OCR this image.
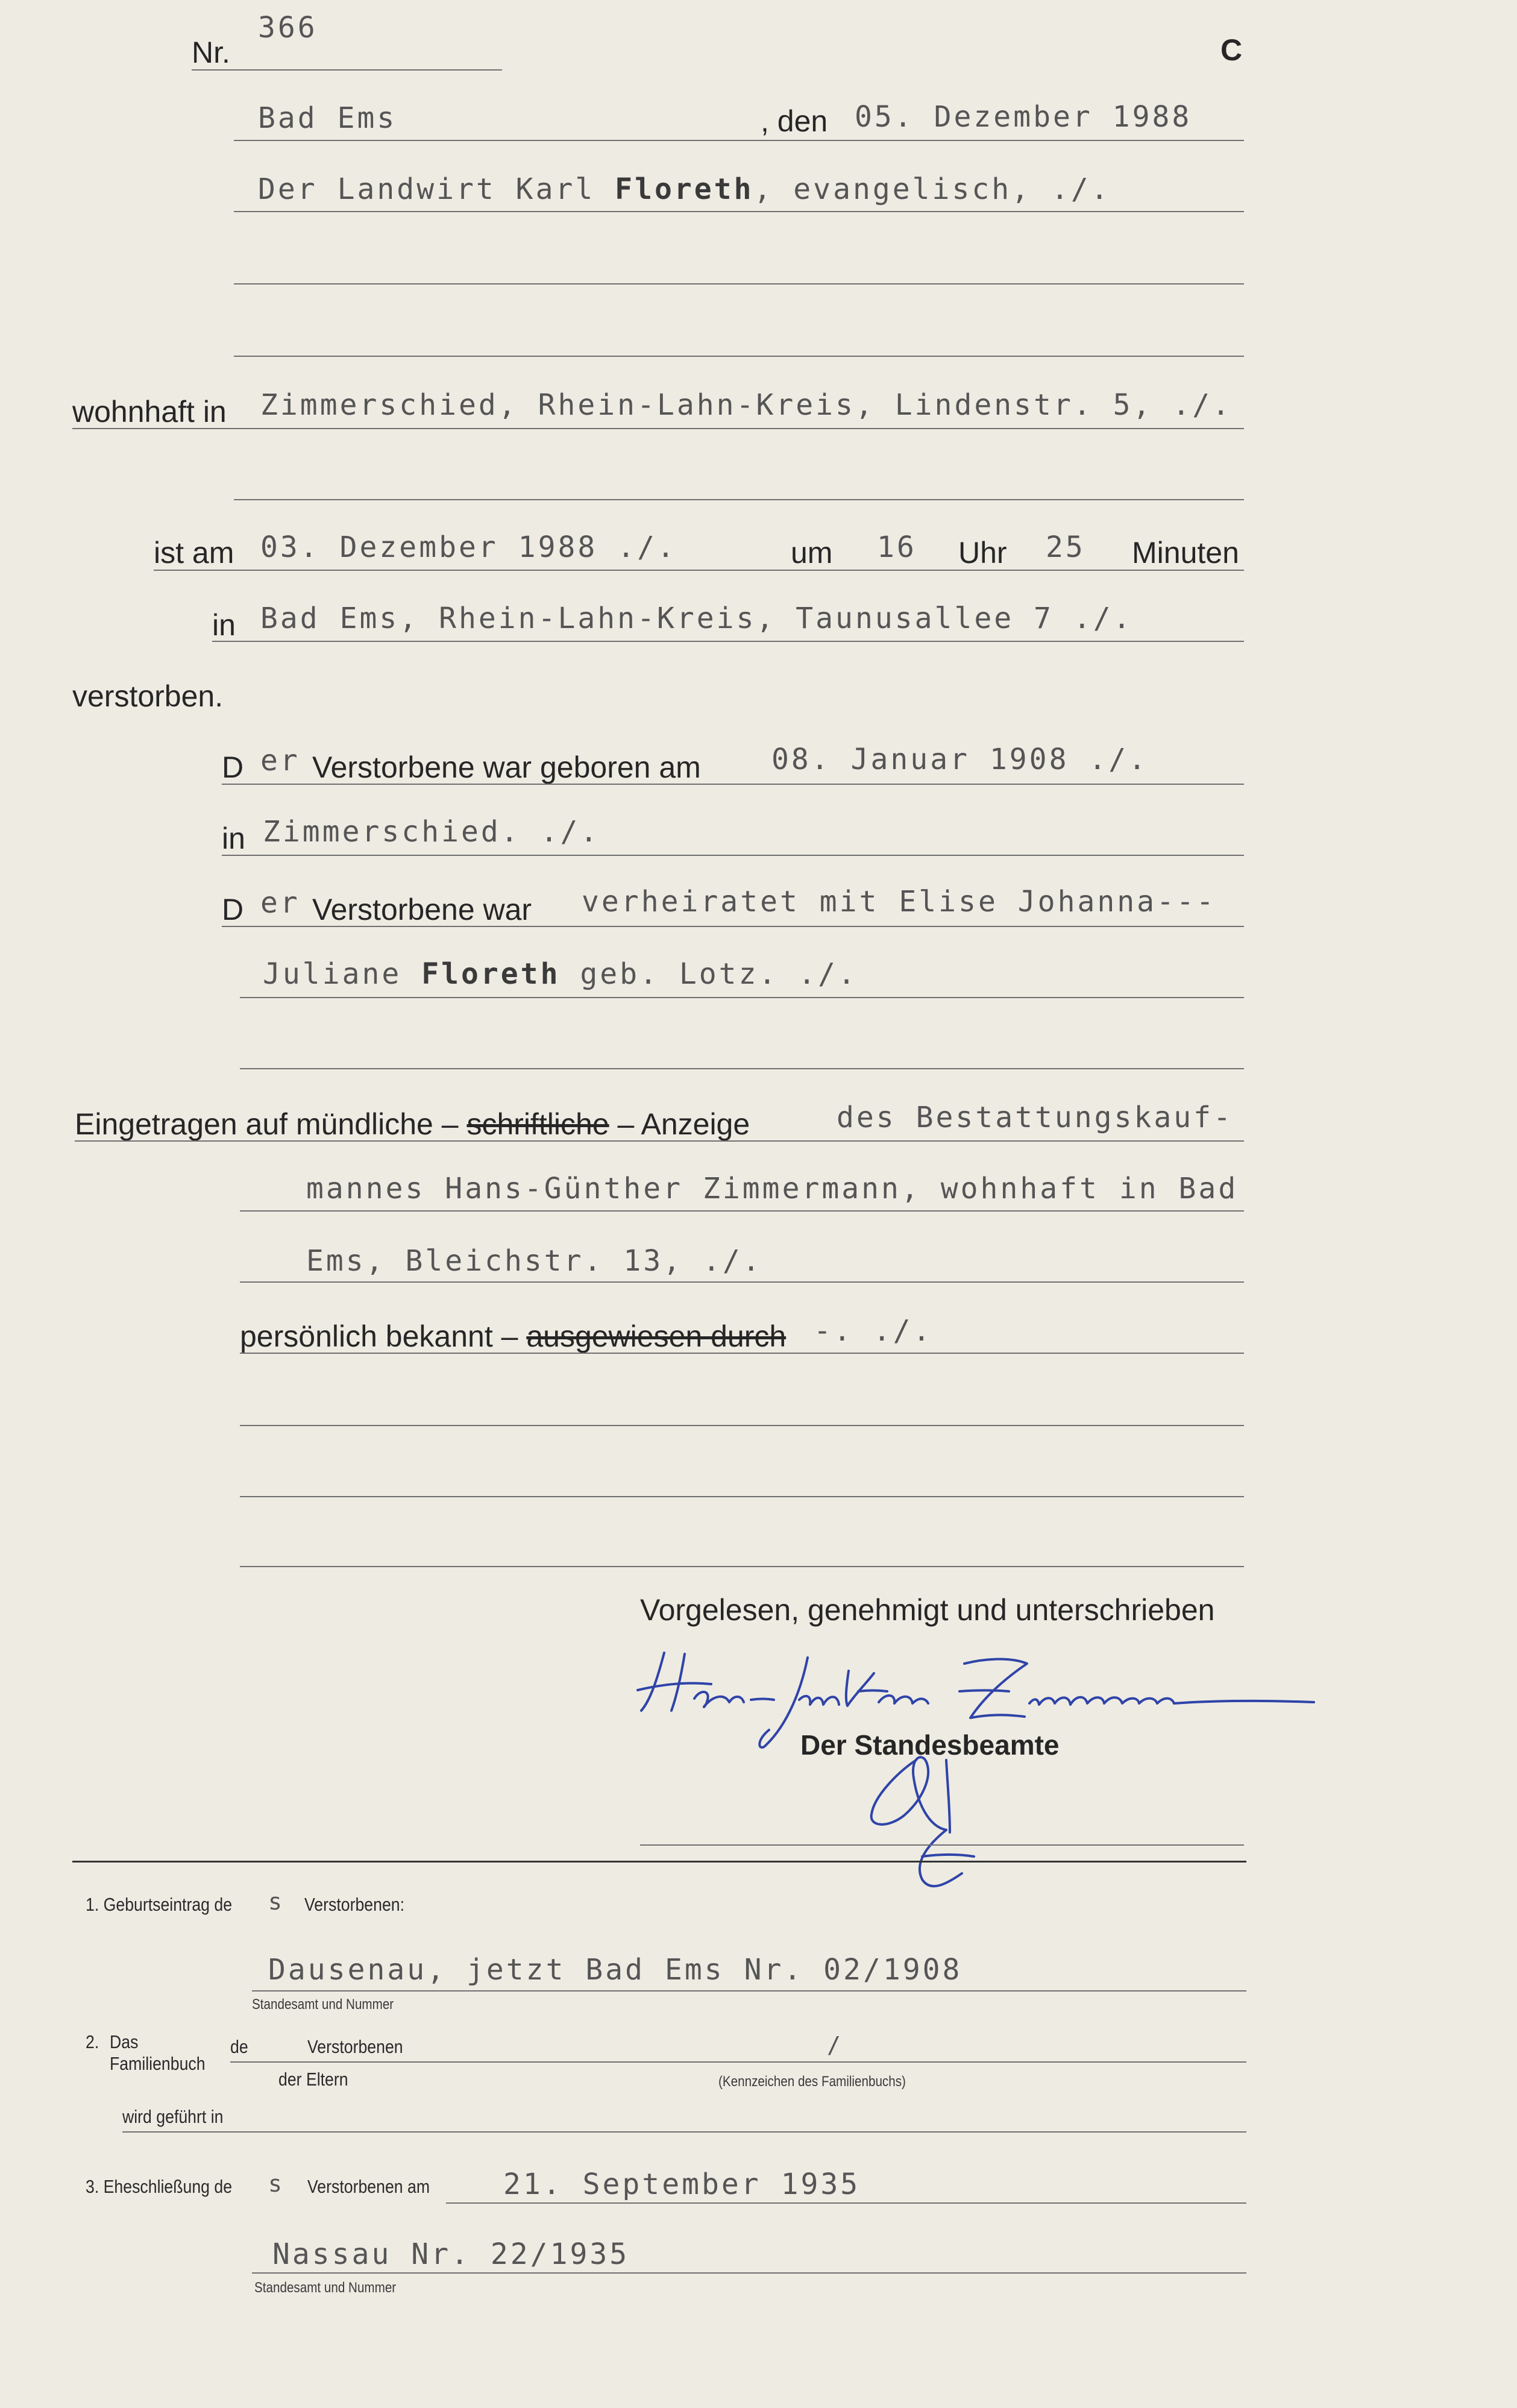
Nr.
366
C
Bad Ems	, den 05. Dezember 1988
Der Landwirt Karl Floreth, evangelisch, ./.
wohnhaft in Zimmerschied, Rhein-Lahn-Kreis, Lindenstr. 5, ./.
ist am 03. Dezember 1988 ./.	um 16 Uhr 25 Minuten
in Bad Ems, Rhein-Lahn-Kreis, Taunusallee 7 ./.
verstorben.
D er Verstorbene war geboren am 08. Januar 1908 ./.
in Zimmerschied. ./.
D er Verstorbene war verheiratet mit Elise Johanna---
Juliane Floreth geb. Lotz. ./.
Eingetragen auf mündliche – schriftliche – Anzeige	des Bestattungskauf-
mannes Hans-Günther Zimmermann, wohnhaft in Bad
Ems, Bleichstr. 13, ./.
persönlich bekannt – ausgewiesen durch -. ./.
Vorgelesen, genehmigt und unterschrieben
Der Standesbeamte
1. Geburtseintrag de s Verstorbenen:
Dausenau, jetzt Bad Ems Nr. 02/1908
Standesamt und Nummer
2. Das
Familienbuch
de	Verstorbenen	/
der Eltern	(Kennzeichen des Familienbuchs)
wird geführt in
3. Eheschließung de s Verstorbenen am	21. September 1935
Nassau Nr. 22/1935
Standesamt und Nummer
